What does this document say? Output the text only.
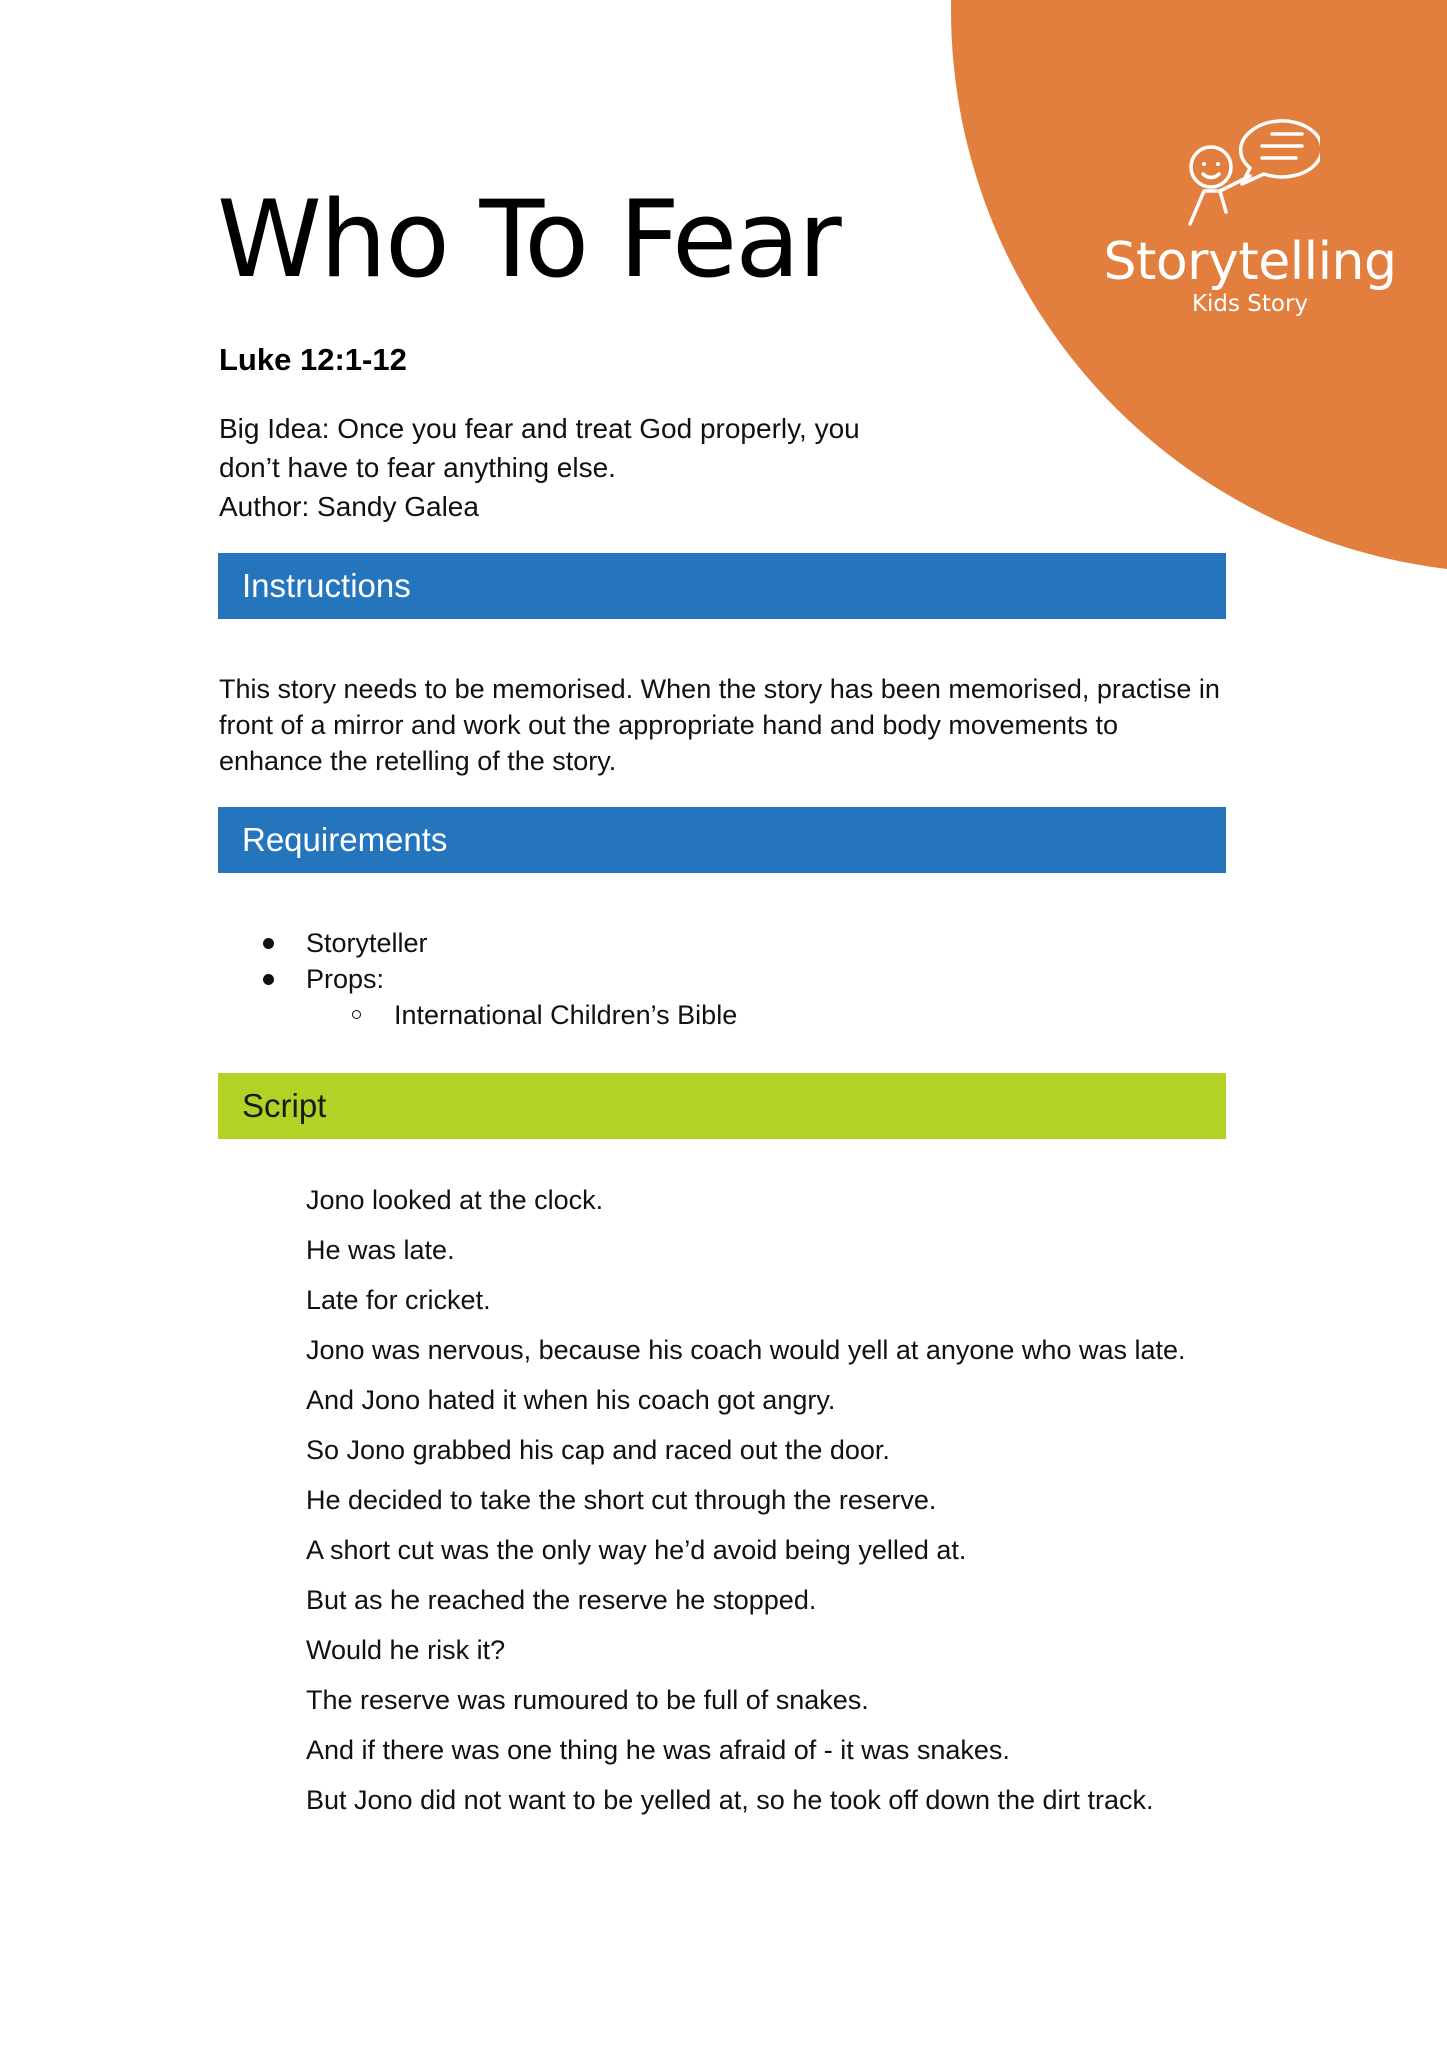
Storytelling
Kids Story
Who To Fear
Luke 12:1-12
Big Idea: Once you fear and treat God properly, you
don’t have to fear anything else.
Author: Sandy Galea
Instructions
This story needs to be memorised. When the story has been memorised, practise in front of a mirror and work out the appropriate hand and body movements to enhance the retelling of the story.
Requirements
Storyteller
Props:
International Children’s Bible
Script

Jono looked at the clock.

He was late.

Late for cricket.

Jono was nervous, because his coach would yell at anyone who was late.

And Jono hated it when his coach got angry.

So Jono grabbed his cap and raced out the door.

He decided to take the short cut through the reserve.

A short cut was the only way he’d avoid being yelled at.

But as he reached the reserve he stopped.

Would he risk it?

The reserve was rumoured to be full of snakes.

And if there was one thing he was afraid of - it was snakes.

But Jono did not want to be yelled at, so he took off down the dirt track.
